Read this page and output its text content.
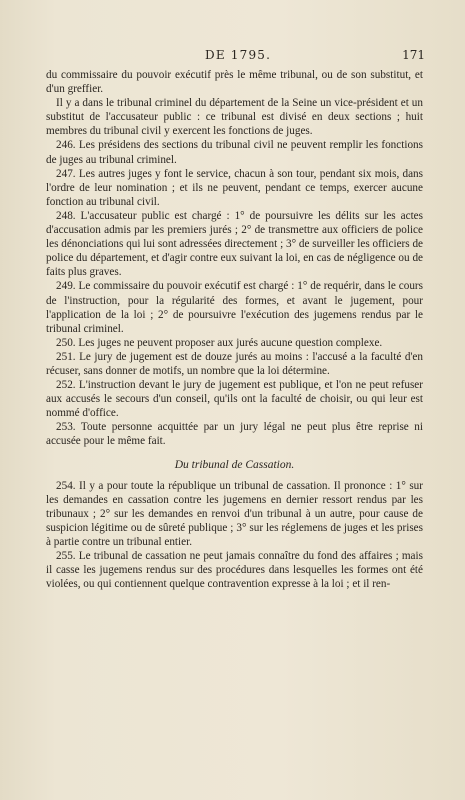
DE 1795.	171

du commissaire du pouvoir exécutif près le même tribunal, ou de son substitut, et d'un greffier.

Il y a dans le tribunal criminel du département de la Seine un vice-président et un substitut de l'accusateur public : ce tribunal est divisé en deux sections ; huit membres du tribunal civil y exercent les fonctions de juges.

246. Les présidens des sections du tribunal civil ne peuvent remplir les fonctions de juges au tribunal criminel.

247. Les autres juges y font le service, chacun à son tour, pendant six mois, dans l'ordre de leur nomination ; et ils ne peuvent, pendant ce temps, exercer aucune fonction au tribunal civil.

248. L'accusateur public est chargé : 1° de poursuivre les délits sur les actes d'accusation admis par les premiers jurés ; 2° de transmettre aux officiers de police les dénonciations qui lui sont adressées directement ; 3° de surveiller les officiers de police du département, et d'agir contre eux suivant la loi, en cas de négligence ou de faits plus graves.

249. Le commissaire du pouvoir exécutif est chargé : 1° de requérir, dans le cours de l'instruction, pour la régularité des formes, et avant le jugement, pour l'application de la loi ; 2° de poursuivre l'exécution des jugemens rendus par le tribunal criminel.

250. Les juges ne peuvent proposer aux jurés aucune question complexe.

251. Le jury de jugement est de douze jurés au moins : l'accusé a la faculté d'en récuser, sans donner de motifs, un nombre que la loi détermine.

252. L'instruction devant le jury de jugement est publique, et l'on ne peut refuser aux accusés le secours d'un conseil, qu'ils ont la faculté de choisir, ou qui leur est nommé d'office.

253. Toute personne acquittée par un jury légal ne peut plus être reprise ni accusée pour le même fait.

Du tribunal de Cassation.

254. Il y a pour toute la république un tribunal de cassation. Il prononce : 1° sur les demandes en cassation contre les jugemens en dernier ressort rendus par les tribunaux ; 2° sur les demandes en renvoi d'un tribunal à un autre, pour cause de suspicion légitime ou de sûreté publique ; 3° sur les réglemens de juges et les prises à partie contre un tribunal entier.

255. Le tribunal de cassation ne peut jamais connaître du fond des affaires ; mais il casse les jugemens rendus sur des procédures dans lesquelles les formes ont été violées, ou qui contiennent quelque contravention expresse à la loi ; et il ren-
